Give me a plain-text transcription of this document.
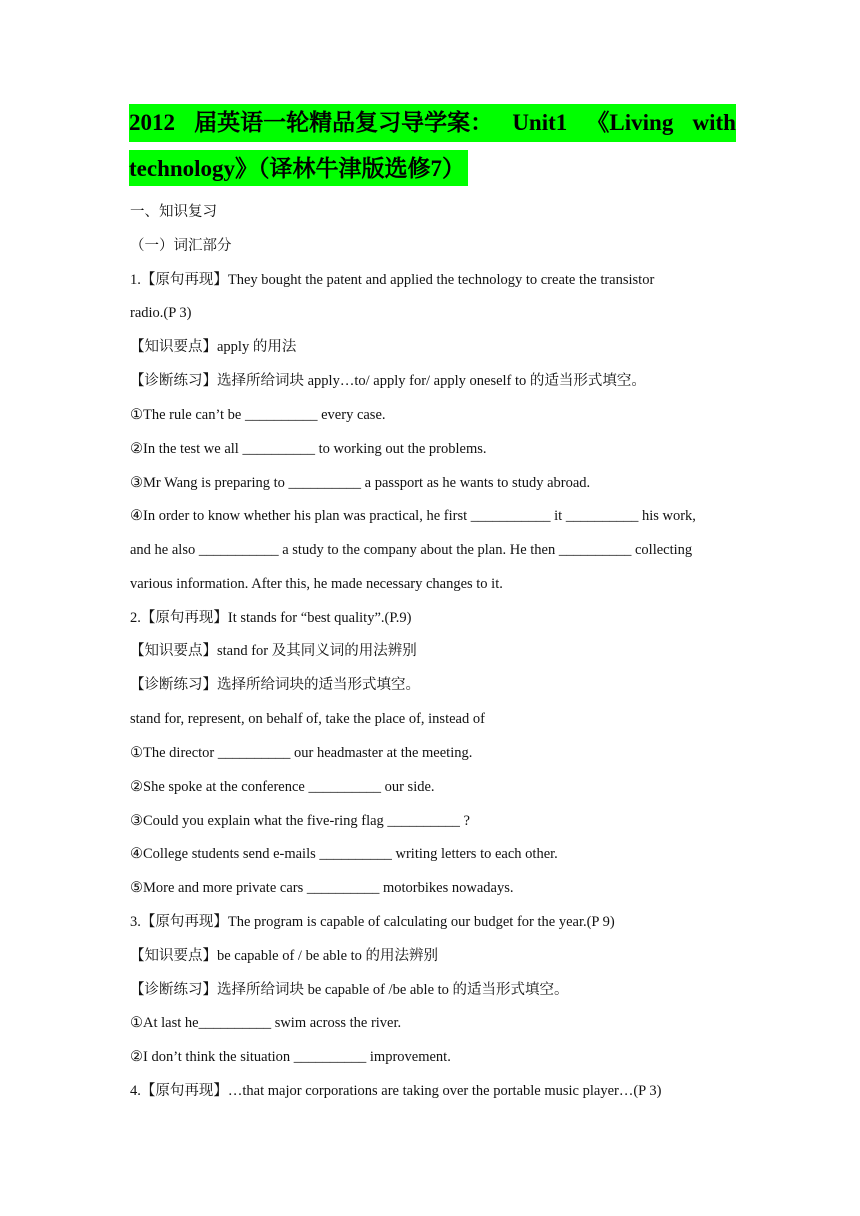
2012 届英语一轮精品复习导学案： Unit1 《Living with
technology》（译林牛津版选修7）
一、知识复习
（一）词汇部分
1.【原句再现】They bought the patent and applied the technology to create the transistor
radio.(P 3)
【知识要点】apply 的用法
【诊断练习】选择所给词块 apply…to/ apply for/ apply oneself to 的适当形式填空。
①The rule can’t be __________ every case.
②In the test we all __________ to working out the problems.
③Mr Wang is preparing to __________ a passport as he wants to study abroad.
④In order to know whether his plan was practical, he first ___________ it __________ his work,
and he also ___________ a study to the company about the plan. He then __________ collecting
various information. After this, he made necessary changes to it.
2.【原句再现】It stands for “best quality”.(P.9)
【知识要点】stand for 及其同义词的用法辨别
【诊断练习】选择所给词块的适当形式填空。
stand for, represent, on behalf of, take the place of, instead of
①The director __________ our headmaster at the meeting.
②She spoke at the conference __________ our side.
③Could you explain what the five-ring flag __________ ?
④College students send e-mails __________ writing letters to each other.
⑤More and more private cars __________ motorbikes nowadays.
3.【原句再现】The program is capable of calculating our budget for the year.(P 9)
【知识要点】be capable of / be able to 的用法辨别
【诊断练习】选择所给词块 be capable of /be able to 的适当形式填空。
①At last he__________ swim across the river.
②I don’t think the situation __________ improvement.
4.【原句再现】…that major corporations are taking over the portable music player…(P 3)
